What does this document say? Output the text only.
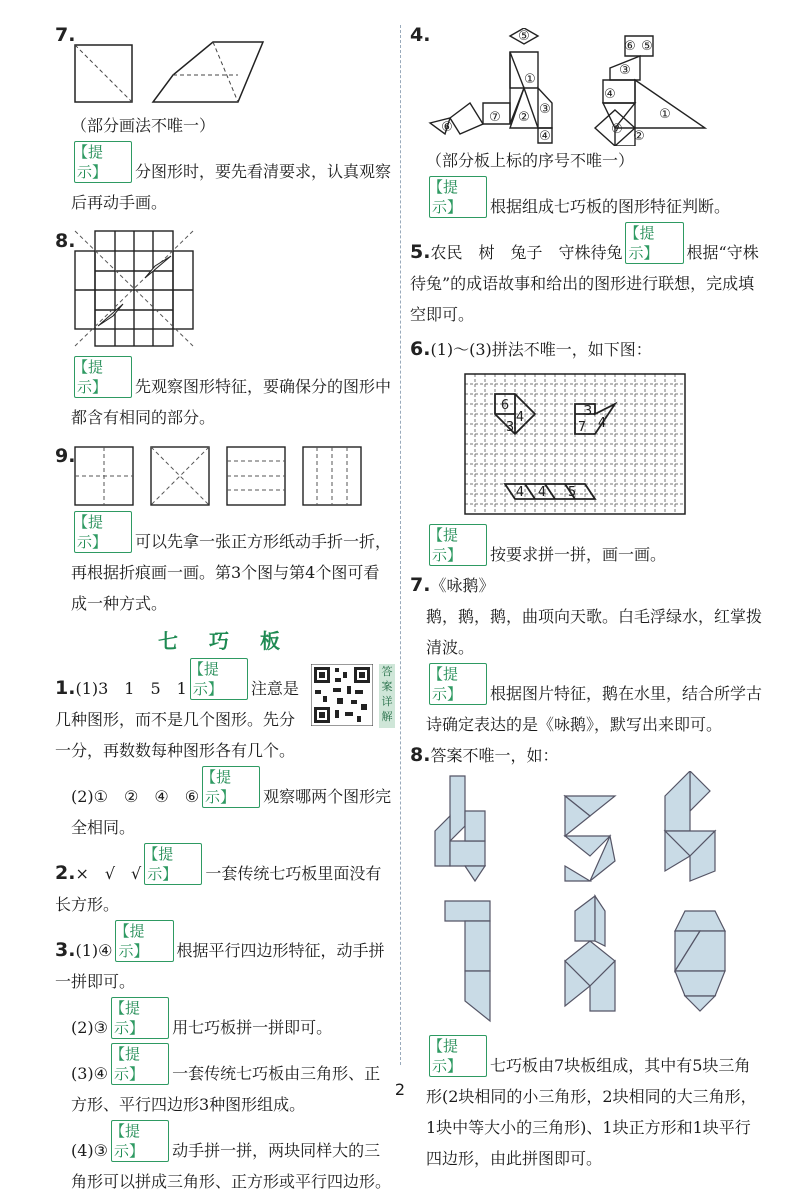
7.

（部分画法不唯一）

【 提示 】	分图形时，要先看清要求，认真观察后再动手画。

8.

【 提示 】	先观察图形特征，要确保分的图形中都含有相同的部分。

9.

【 提示 】	可以先拿一张正方形纸动手折一折，再根据折痕画一画。第3个图与第4个图可看成一种方式。

七 巧 板

1.(1)3　1　5　1【 提示 】	注意是几种图形，而不是几个图形。先分一分，再数数每种图形各有几个。
答案详解

(2)①　②　④　⑥【 提示 】	观察哪两个图形完全相同。

2.×　√　√【 提示 】	一套传统七巧板里面没有长方形。

3.(1)④【 提示 】	根据平行四边形特征，动手拼一拼即可。

(2)③【 提示 】	用七巧板拼一拼即可。

(3)④【 提示 】	一套传统七巧板由三角形、正方形、平行四边形3种图形组成。

(4)③【 提示 】	动手拼一拼，两块同样大的三角形可以拼成三角形、正方形或平行四边形。

4.	⑤
⑦
①
③
⑥
②
④
⑥ ⑤
③
④
①
⑦ ②

（部分板上标的序号不唯一）

【 提示 】	根据组成七巧板的图形特征判断。

5.农民　树　兔子　守株待兔【 提示 】	根据“守株待兔”的成语故事和给出的图形进行联想，完成填空即可。

6.(1)～(3)拼法不唯一，如下图：

6
4
3
3
7 4
4 4 5

【 提示 】	按要求拼一拼，画一画。

7.《咏鹅》

鹅，鹅，鹅，曲项向天歌。白毛浮绿水，红掌拨清波。

【 提示 】	根据图片特征，鹅在水里，结合所学古诗确定表达的是《咏鹅》，默写出来即可。

8.答案不唯一，如：

【 提示 】	七巧板由7块板组成，其中有5块三角形(2块相同的小三角形，2块相同的大三角形，1块中等大小的三角形)、1块正方形和1块平行四边形，由此拼图即可。

2
